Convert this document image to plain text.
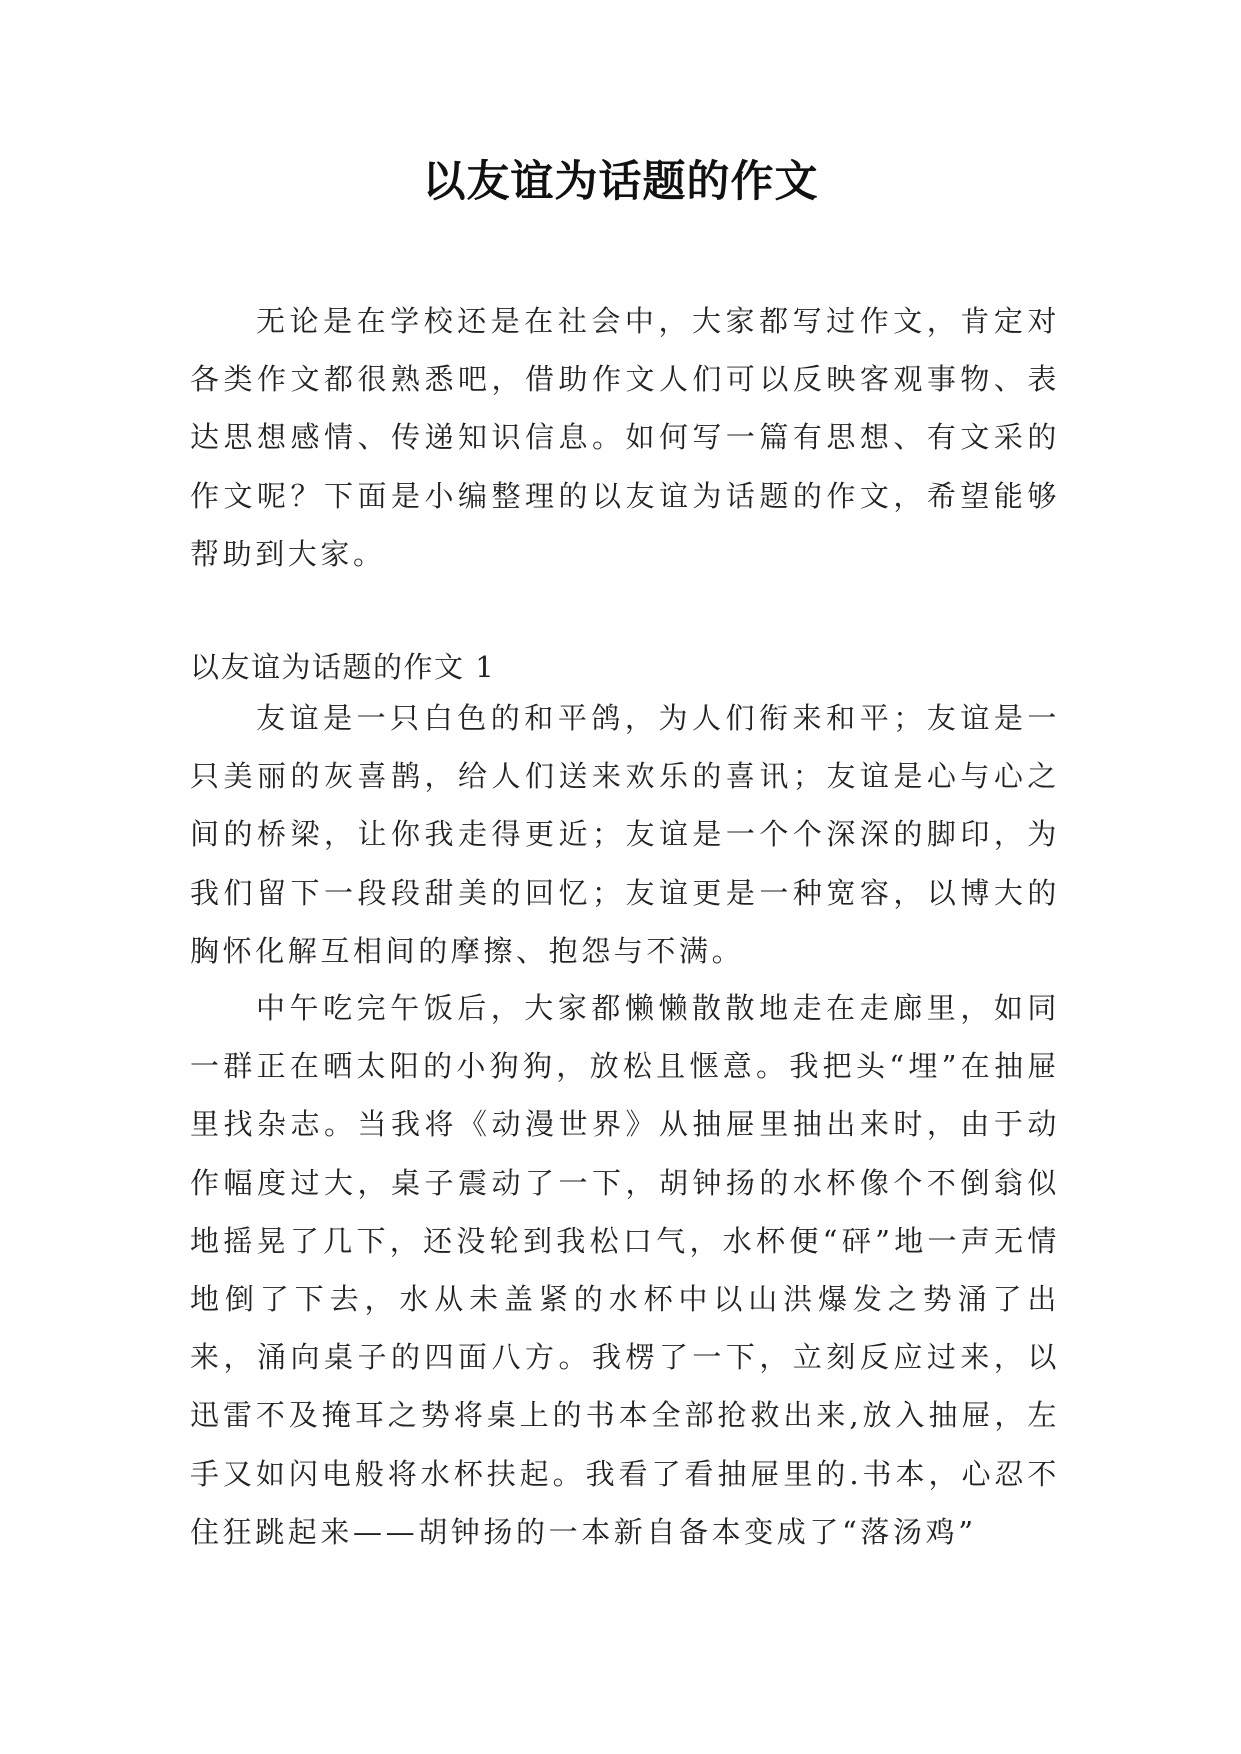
以友谊为话题的作文

无论是在学校还是在社会中，大家都写过作文，肯定对各类作文都很熟悉吧，借助作文人们可以反映客观事物、表达思想感情、传递知识信息。如何写一篇有思想、有文采的作文呢？下面是小编整理的以友谊为话题的作文，希望能够帮助到大家。

以友谊为话题的作文 1

友谊是一只白色的和平鸽，为人们衔来和平；友谊是一只美丽的灰喜鹊，给人们送来欢乐的喜讯；友谊是心与心之间的桥梁，让你我走得更近；友谊是一个个深深的脚印，为我们留下一段段甜美的回忆；友谊更是一种宽容，以博大的胸怀化解互相间的摩擦、抱怨与不满。

中午吃完午饭后，大家都懒懒散散地走在走廊里，如同一群正在晒太阳的小狗狗，放松且惬意。我把头“埋”在抽屉里找杂志。当我将《动漫世界》从抽屉里抽出来时，由于动作幅度过大，桌子震动了一下，胡钟扬的水杯像个不倒翁似地摇晃了几下，还没轮到我松口气，水杯便“砰”地一声无情地倒了下去，水从未盖紧的水杯中以山洪爆发之势涌了出来，涌向桌子的四面八方。我楞了一下，立刻反应过来，以迅雷不及掩耳之势将桌上的书本全部抢救出来,放入抽屉，左手又如闪电般将水杯扶起。我看了看抽屉里的.书本，心忍不住狂跳起来——胡钟扬的一本新自备本变成了“落汤鸡”
